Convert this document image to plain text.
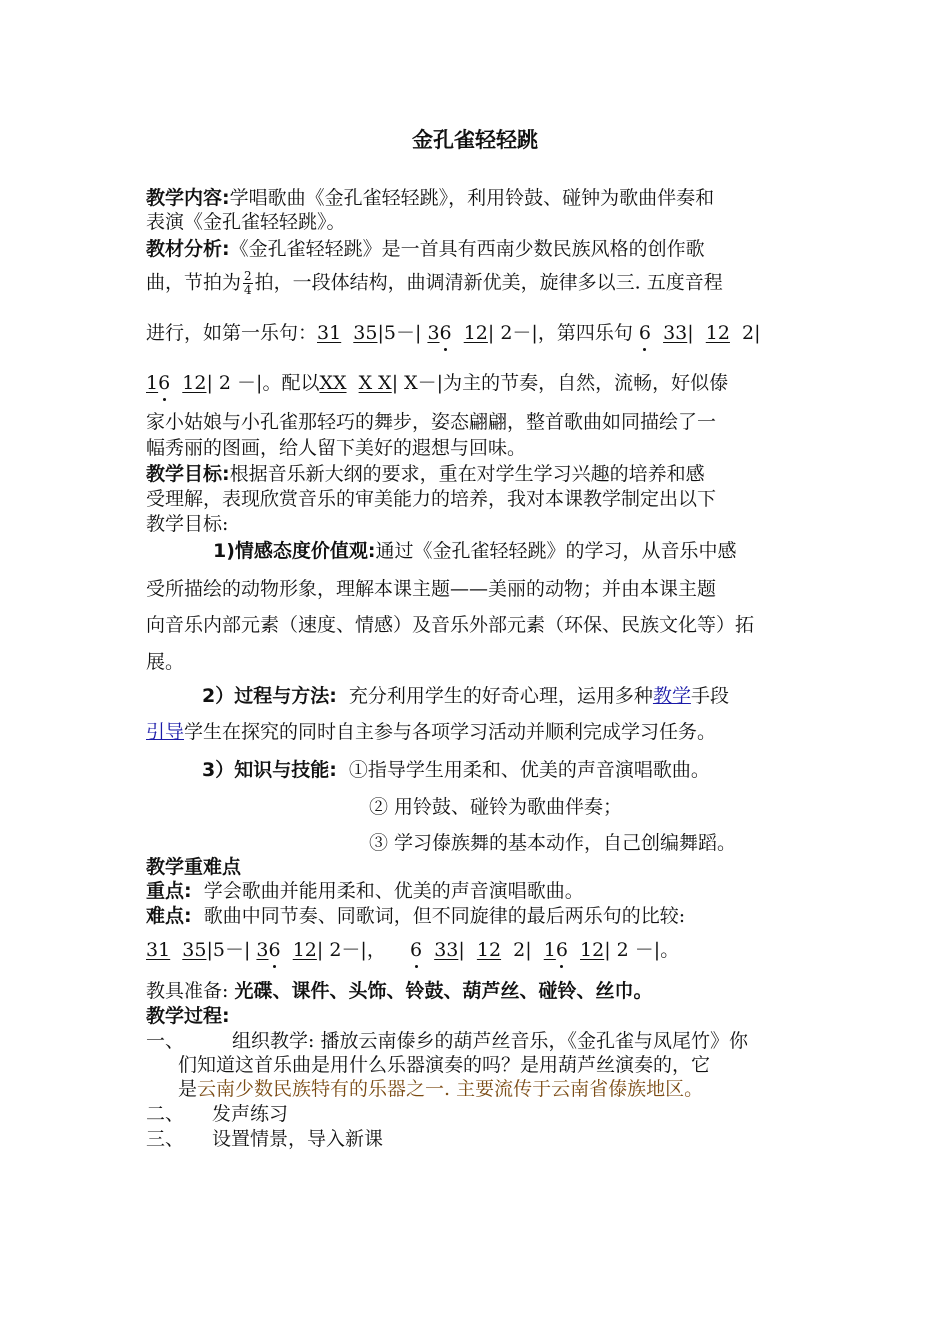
金孔雀轻轻跳
教学内容:学唱歌曲《金孔雀轻轻跳》，利用铃鼓、碰钟为歌曲伴奏和
表演《金孔雀轻轻跳》。
教材分析:《金孔雀轻轻跳》是一首具有西南少数民族风格的创作歌
曲，节拍为 $\frac{2}{4}$ 拍，一段体结构，曲调清新优美，旋律多以三. 五度音程
进行，如第一乐句：31 35|5－| 36 12| 2－|，第四乐句 6 33| 12 2|
16 12| 2 －|。配以XX X X| X－|为主的节奏，自然，流畅，好似傣
家小姑娘与小孔雀那轻巧的舞步，姿态翩翩，整首歌曲如同描绘了一
幅秀丽的图画，给人留下美好的遐想与回味。
教学目标:根据音乐新大纲的要求，重在对学生学习兴趣的培养和感
受理解，表现欣赏音乐的审美能力的培养，我对本课教学制定出以下
教学目标:
1)情感态度价值观:通过《金孔雀轻轻跳》的学习，从音乐中感
受所描绘的动物形象，理解本课主题——美丽的动物；并由本课主题
向音乐内部元素（速度、情感）及音乐外部元素（环保、民族文化等）拓
展。
2）过程与方法: 充分利用学生的好奇心理，运用多种教学手段
引导学生在探究的同时自主参与各项学习活动并顺利完成学习任务。
3）知识与技能: ①指导学生用柔和、优美的声音演唱歌曲。
② 用铃鼓、碰铃为歌曲伴奏；
③ 学习傣族舞的基本动作，自己创编舞蹈。
教学重难点
重点: 学会歌曲并能用柔和、优美的声音演唱歌曲。
难点: 歌曲中同节奏、同歌词，但不同旋律的最后两乐句的比较:
31 35|5－| 36 12| 2－|， 6 33| 12 2| 16 12| 2 －|。
教具准备: 光碟、课件、头饰、铃鼓、葫芦丝、碰铃、丝巾。
教学过程:
一、	组织教学: 播放云南傣乡的葫芦丝音乐，《金孔雀与凤尾竹》你
们知道这首乐曲是用什么乐器演奏的吗？是用葫芦丝演奏的，它
是云南少数民族特有的乐器之一. 主要流传于云南省傣族地区。
二、 发声练习
三、 设置情景，导入新课
